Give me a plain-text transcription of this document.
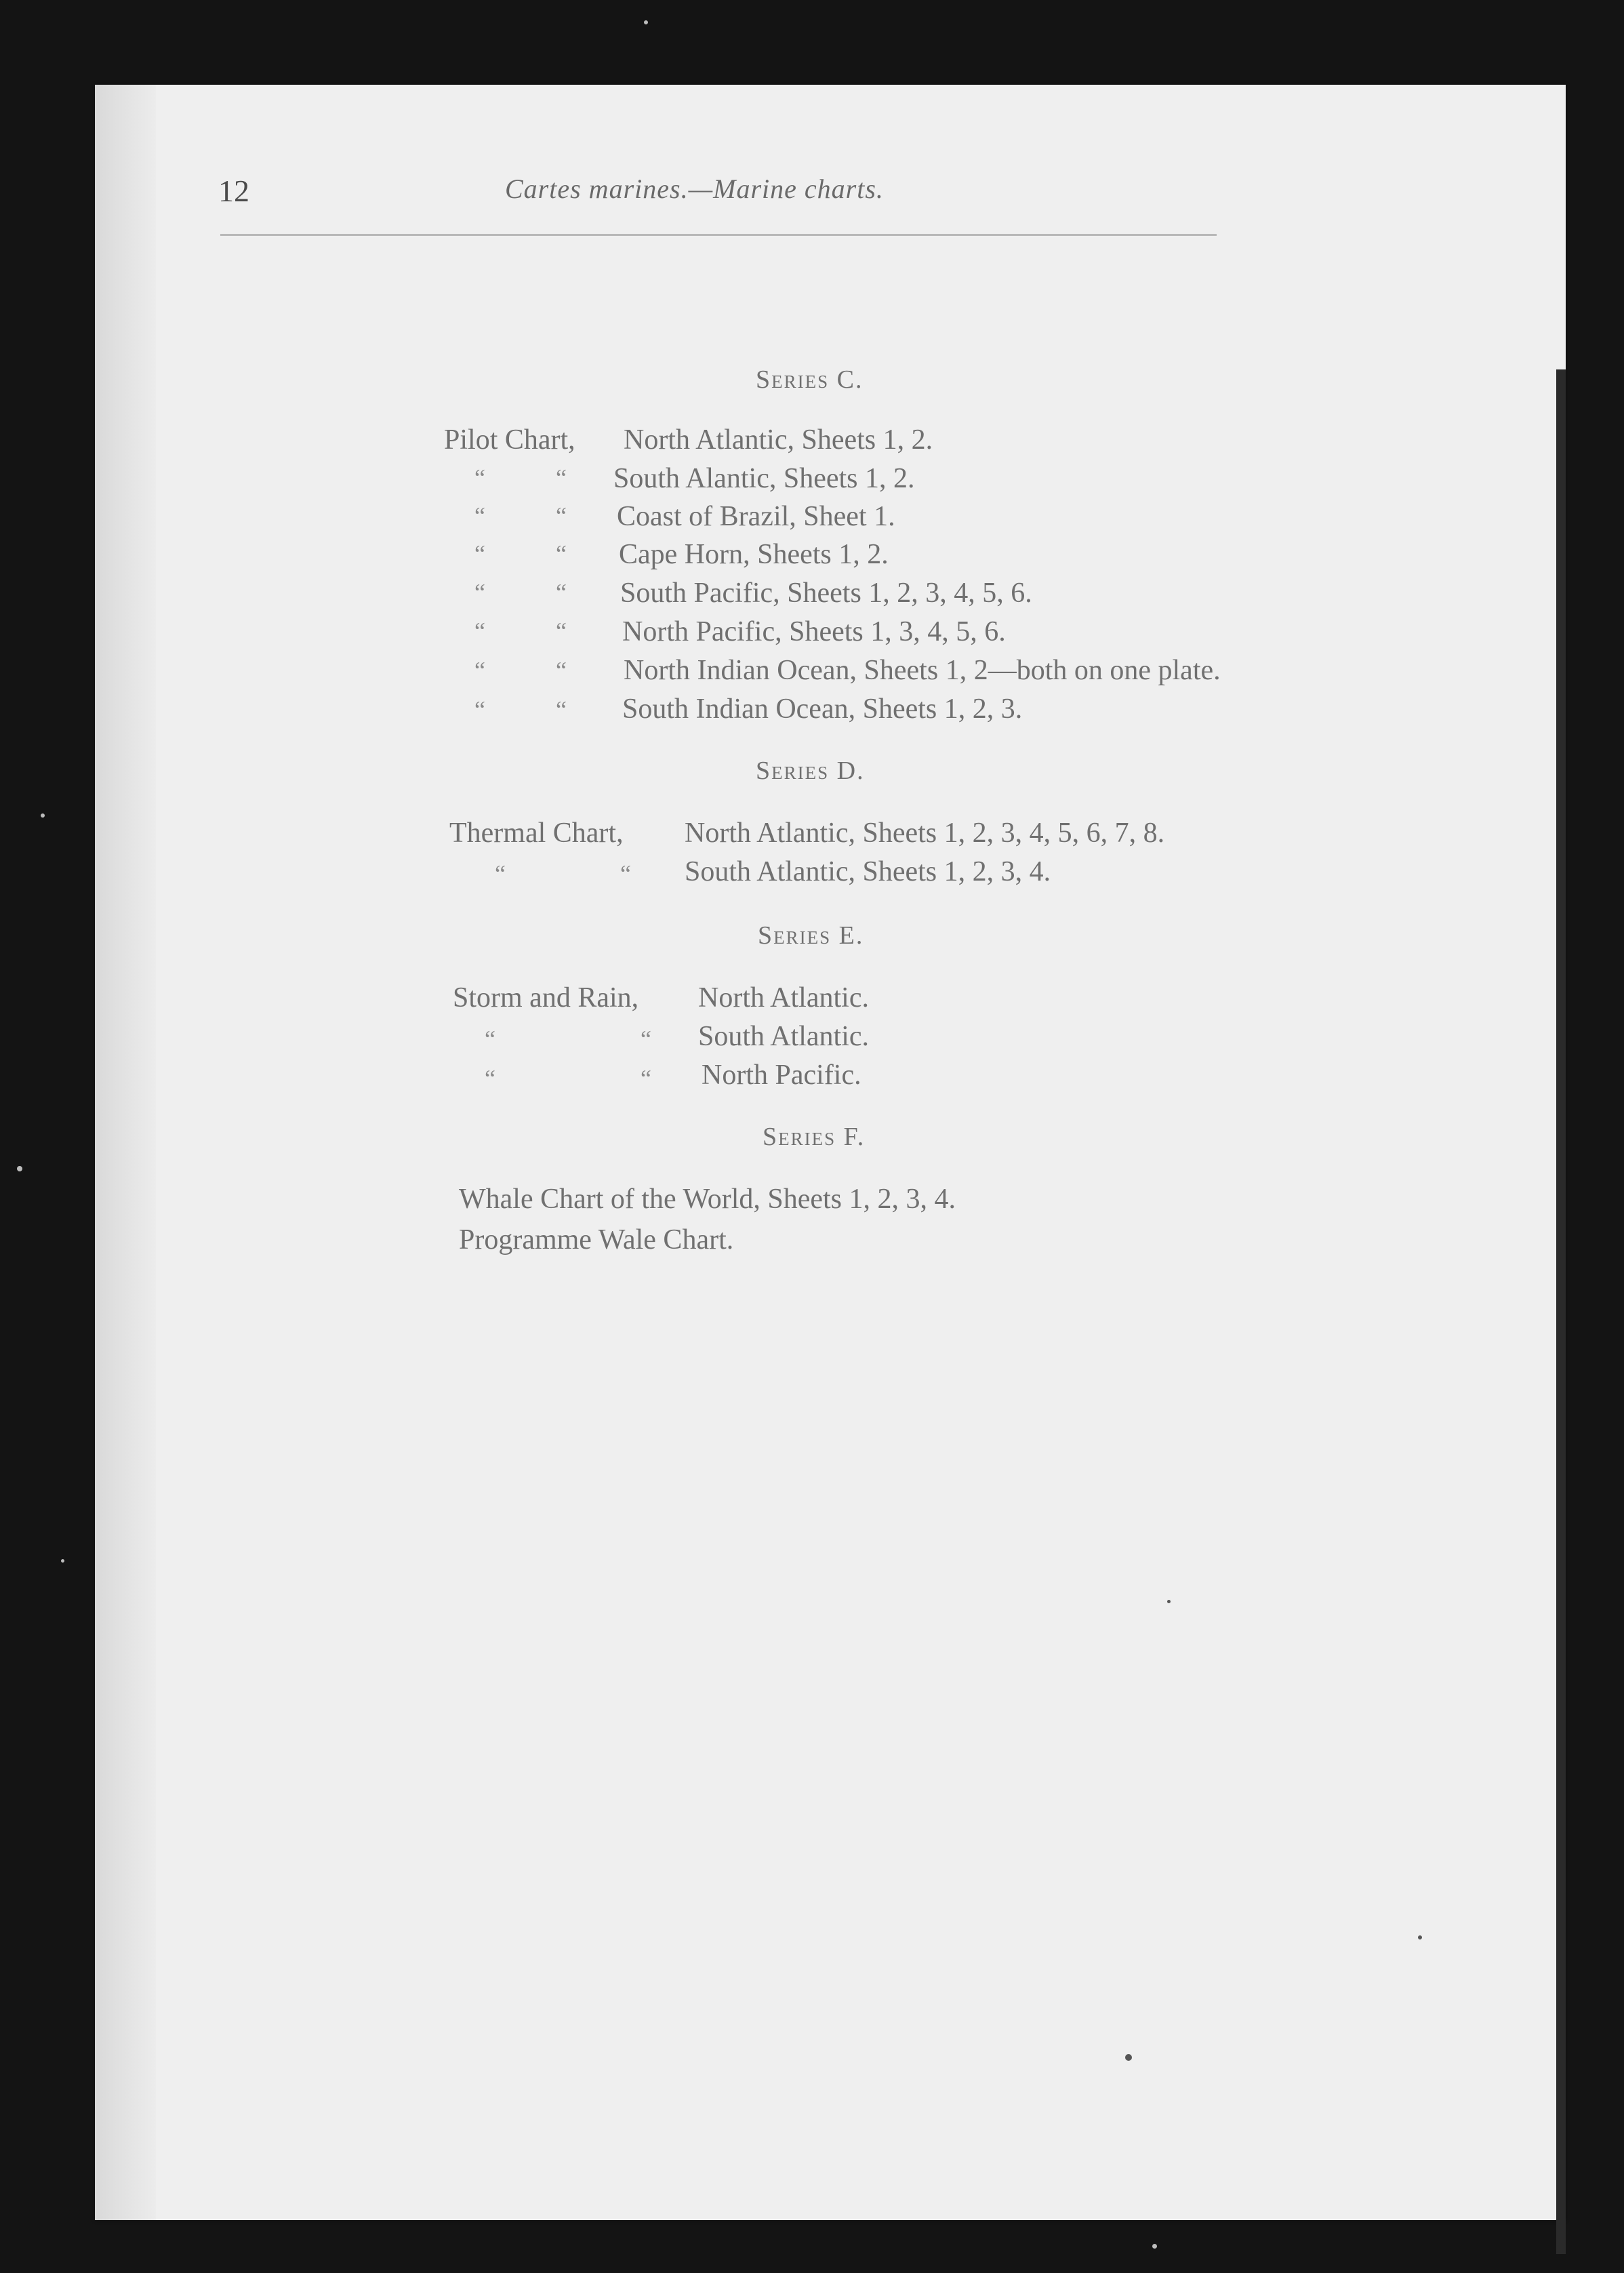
12	Cartes marines.—Marine charts.
Series C.
Pilot Chart, North Atlantic, Sheets 1, 2.
“	“ South Alantic, Sheets 1, 2.
“	“ Coast of Brazil, Sheet 1.
“	“ Cape Horn, Sheets 1, 2.
“	“ South Pacific, Sheets 1, 2, 3, 4, 5, 6.
“	“ North Pacific, Sheets 1, 3, 4, 5, 6.
“	“ North Indian Ocean, Sheets 1, 2—both on one plate.
“	“ South Indian Ocean, Sheets 1, 2, 3.
Series D.
Thermal Chart, North Atlantic, Sheets 1, 2, 3, 4, 5, 6, 7, 8.
“	“ South Atlantic, Sheets 1, 2, 3, 4.
Series E.
Storm and Rain, North Atlantic.
“	“ South Atlantic.
“	“ North Pacific.
Series F.
Whale Chart of the World, Sheets 1, 2, 3, 4.
Programme Wale Chart.
